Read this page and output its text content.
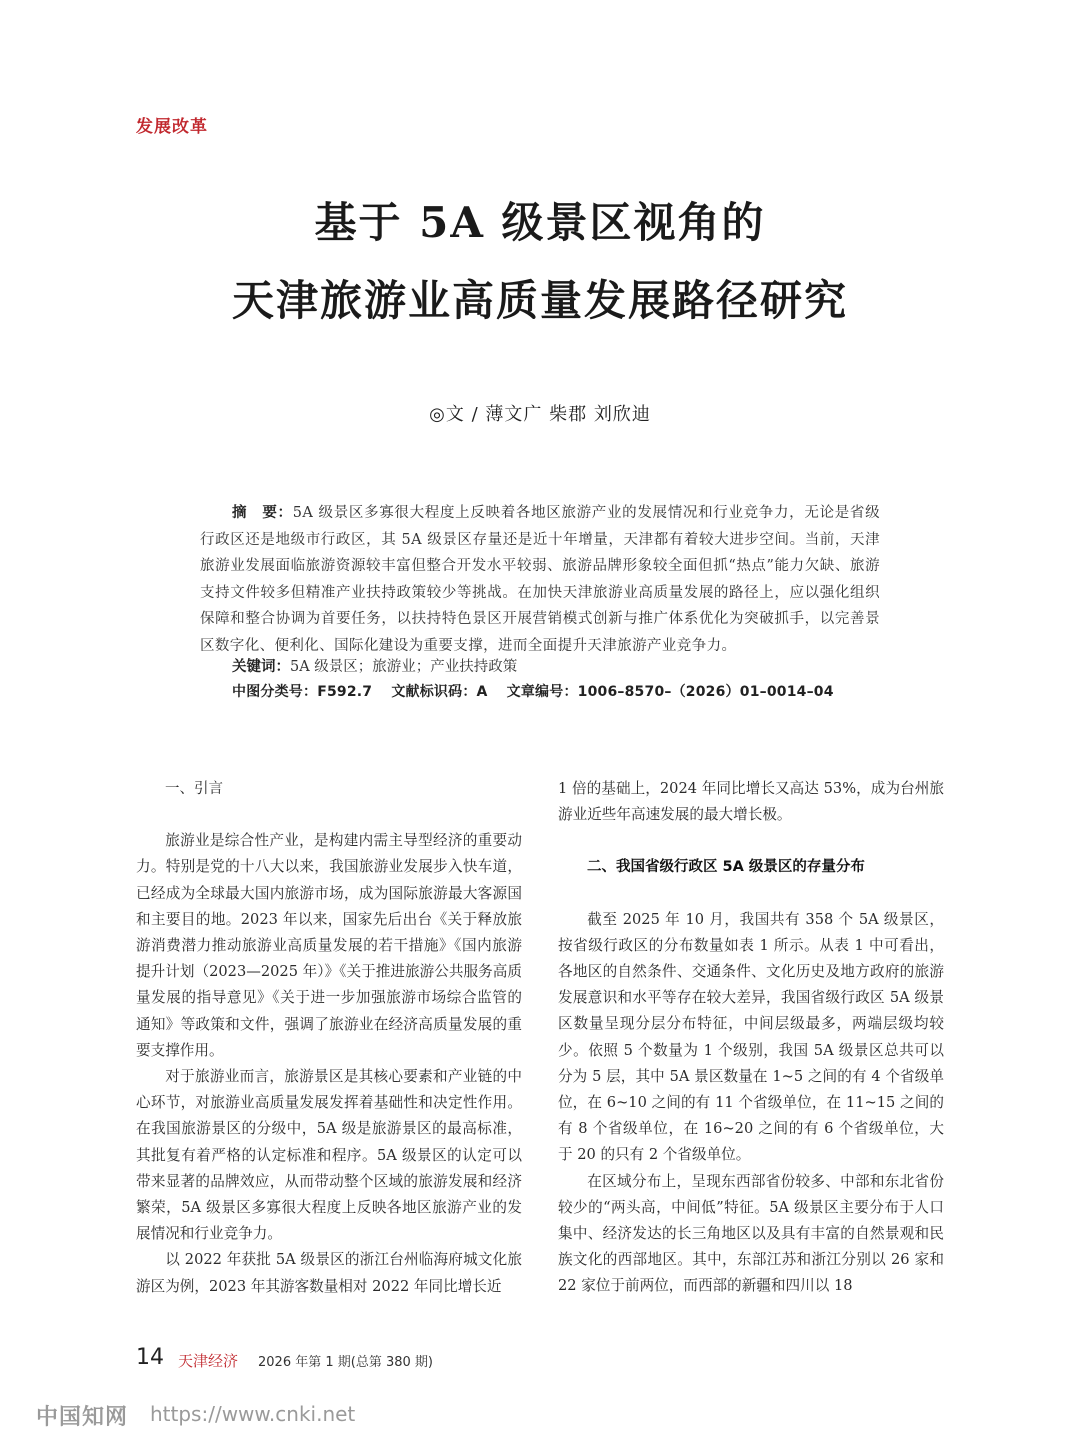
发展改革
基于 5A 级景区视角的
天津旅游业高质量发展路径研究
◎文 / 薄文广 柴郡 刘欣迪

摘　要：5A 级景区多寡很大程度上反映着各地区旅游产业的发展情况和行业竞争力，无论是省级行政区还是地级市行政区，其 5A 级景区存量还是近十年增量，天津都有着较大进步空间。当前，天津旅游业发展面临旅游资源较丰富但整合开发水平较弱、旅游品牌形象较全面但抓“热点”能力欠缺、旅游支持文件较多但精准产业扶持政策较少等挑战。在加快天津旅游业高质量发展的路径上，应以强化组织保障和整合协调为首要任务，以扶持特色景区开展营销模式创新与推广体系优化为突破抓手，以完善景区数字化、便利化、国际化建设为重要支撑，进而全面提升天津旅游产业竞争力。

关键词：5A 级景区；旅游业；产业扶持政策
中图分类号：F592.7 文献标识码：A 文章编号：1006–8570–（2026）01–0014–04
一、引言

旅游业是综合性产业，是构建内需主导型经济的重要动力。特别是党的十八大以来，我国旅游业发展步入快车道，已经成为全球最大国内旅游市场，成为国际旅游最大客源国和主要目的地。2023 年以来，国家先后出台《关于释放旅游消费潜力推动旅游业高质量发展的若干措施》《国内旅游提升计划（2023—2025 年）》《关于推进旅游公共服务高质量发展的指导意见》《关于进一步加强旅游市场综合监管的通知》等政策和文件，强调了旅游业在经济高质量发展的重要支撑作用。

对于旅游业而言，旅游景区是其核心要素和产业链的中心环节，对旅游业高质量发展发挥着基础性和决定性作用。在我国旅游景区的分级中，5A 级是旅游景区的最高标准，其批复有着严格的认定标准和程序。5A 级景区的认定可以带来显著的品牌效应，从而带动整个区域的旅游发展和经济繁荣，5A 级景区多寡很大程度上反映各地区旅游产业的发展情况和行业竞争力。

以 2022 年获批 5A 级景区的浙江台州临海府城文化旅游区为例，2023 年其游客数量相对 2022 年同比增长近

1 倍的基础上，2024 年同比增长又高达 53%，成为台州旅游业近些年高速发展的最大增长极。

二、我国省级行政区 5A 级景区的存量分布

截至 2025 年 10 月，我国共有 358 个 5A 级景区，按省级行政区的分布数量如表 1 所示。从表 1 中可看出，各地区的自然条件、交通条件、文化历史及地方政府的旅游发展意识和水平等存在较大差异，我国省级行政区 5A 级景区数量呈现分层分布特征，中间层级最多，两端层级均较少。依照 5 个数量为 1 个级别，我国 5A 级景区总共可以分为 5 层，其中 5A 景区数量在 1~5 之间的有 4 个省级单位，在 6~10 之间的有 11 个省级单位，在 11~15 之间的有 8 个省级单位，在 16~20 之间的有 6 个省级单位，大于 20 的只有 2 个省级单位。

在区域分布上，呈现东西部省份较多、中部和东北省份较少的“两头高，中间低”特征。5A 级景区主要分布于人口集中、经济发达的长三角地区以及具有丰富的自然景观和民族文化的西部地区。其中，东部江苏和浙江分别以 26 家和 22 家位于前两位，而西部的新疆和四川以 18

14 天津经济 2026 年第 1 期(总第 380 期)
中国知网 https://www.cnki.net
